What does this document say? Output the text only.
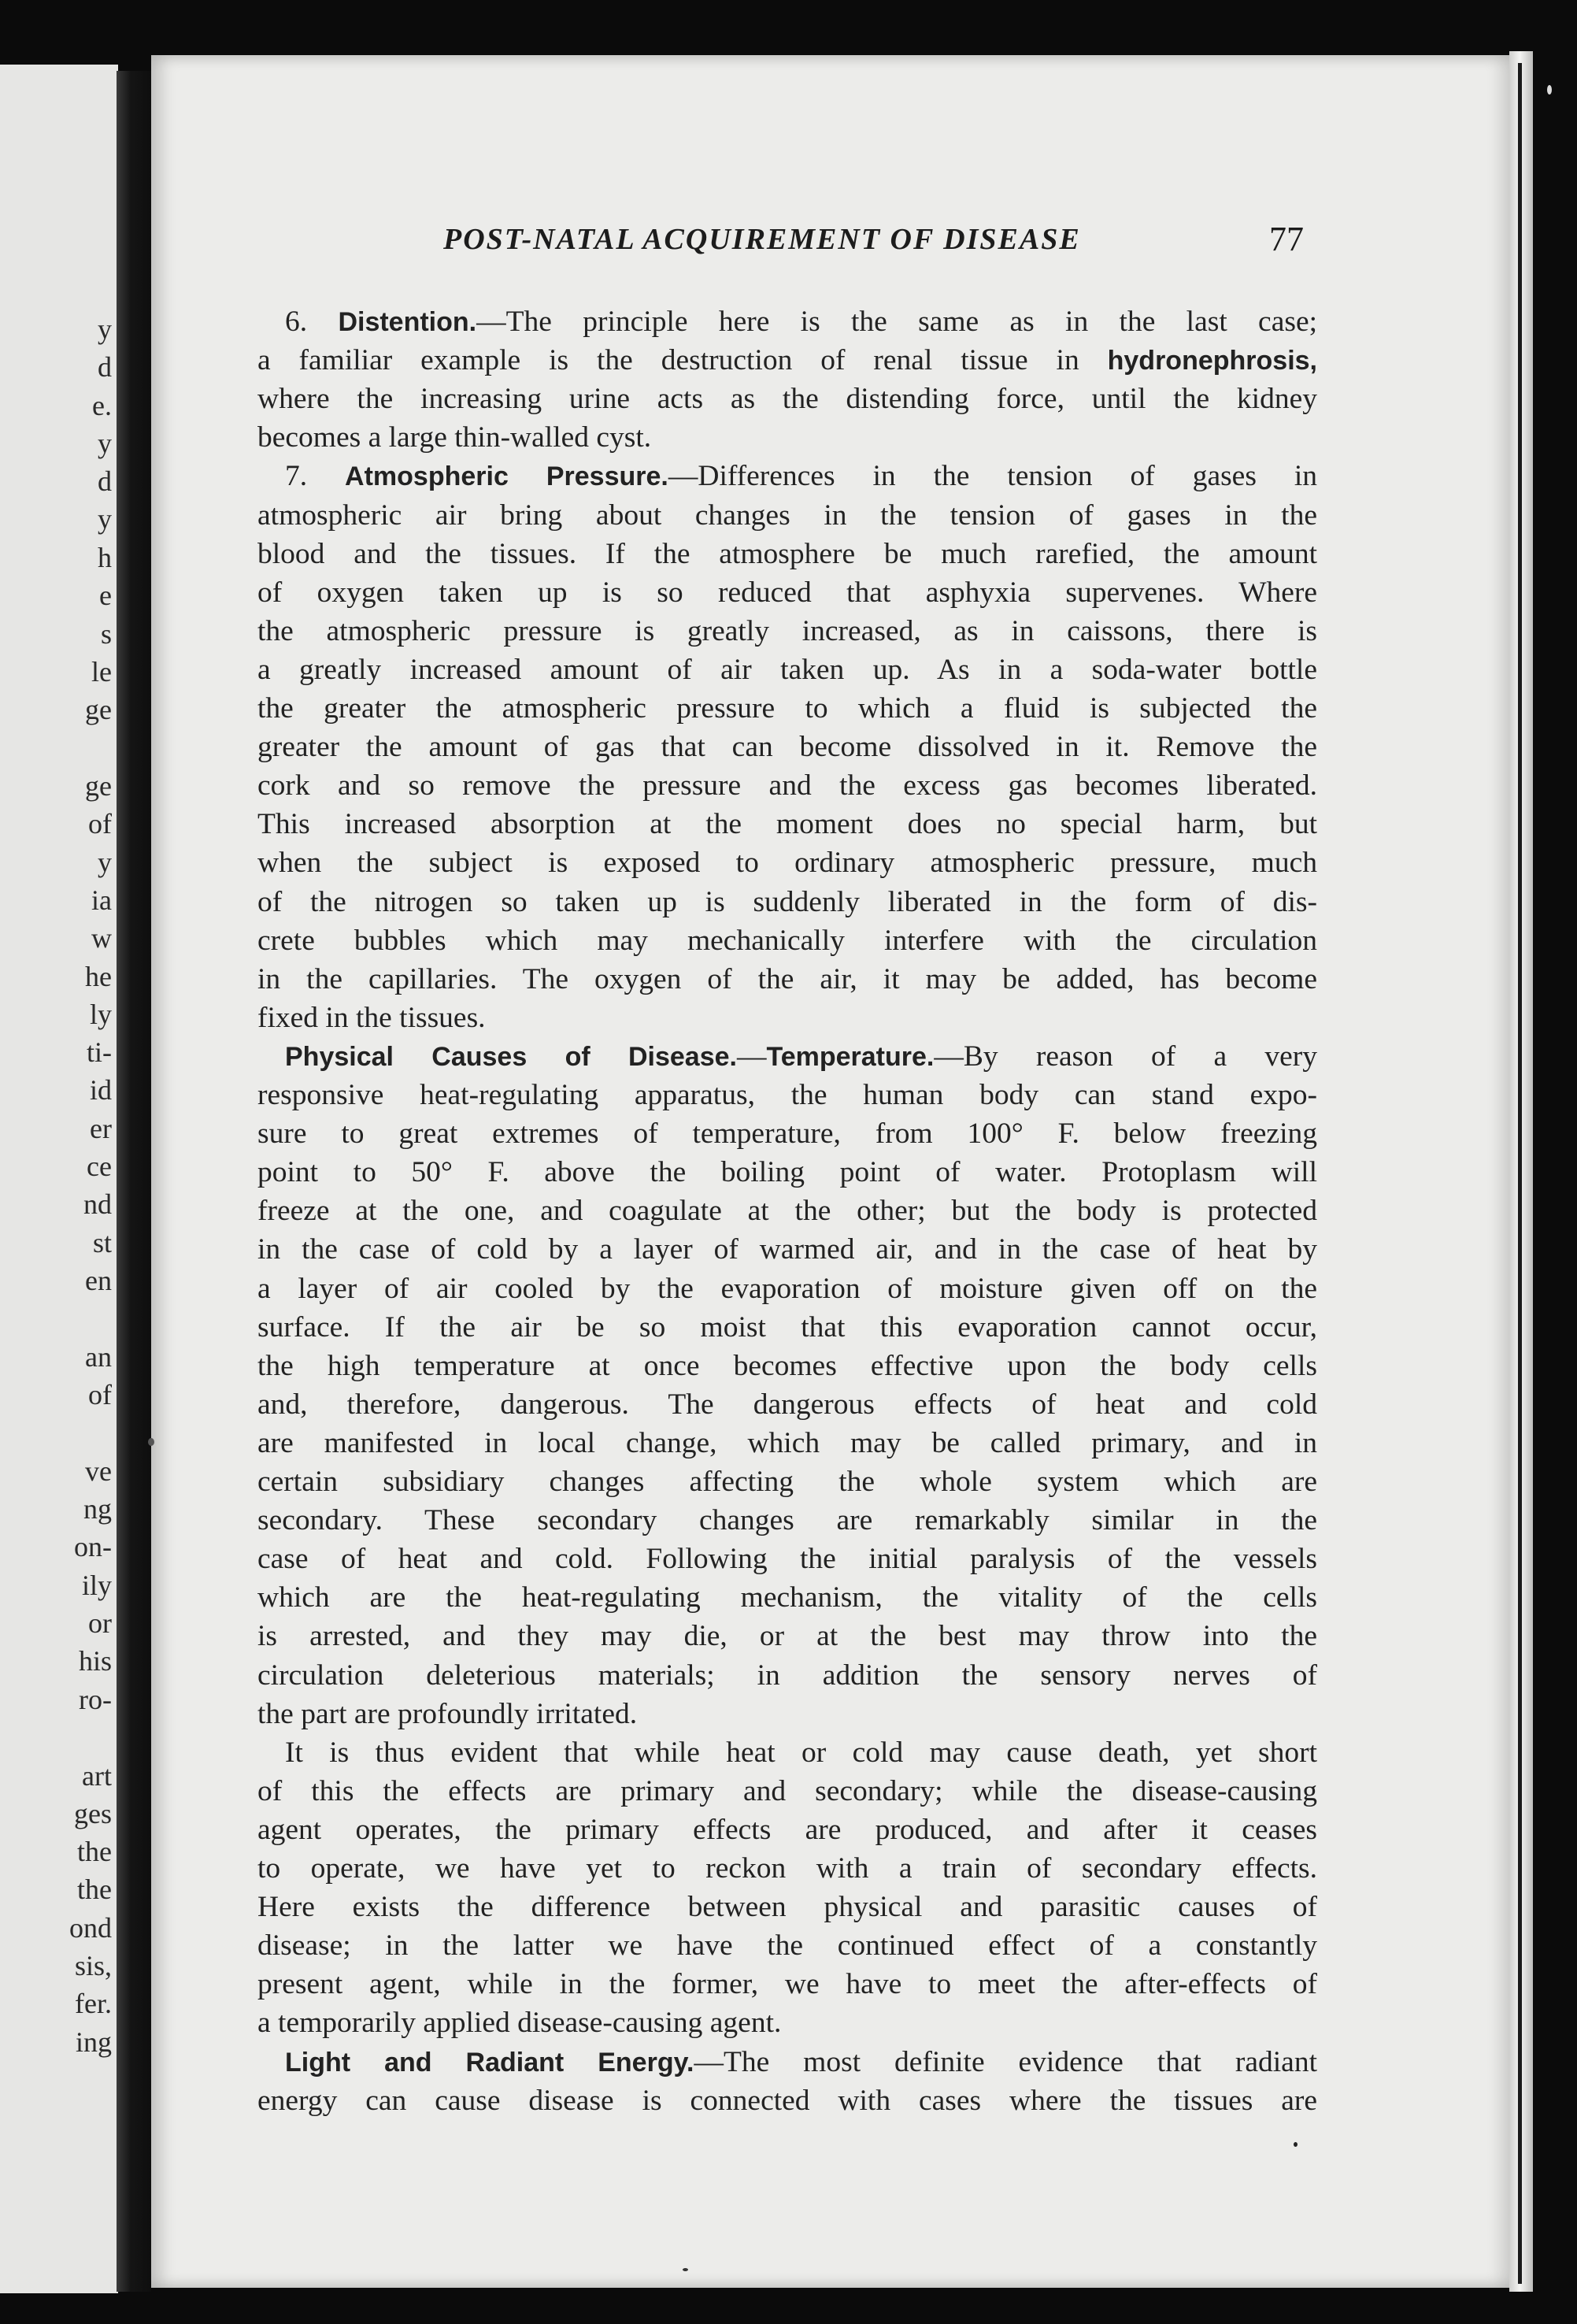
y
d
e.
y
d
y
h
e
s
le
ge
ge
of
y
ia
w
he
ly
ti-
id
er
ce
nd
st
en
an
of
ve
ng
on-
ily
or
his
ro-
art
ges
the
the
ond
sis,
fer.
ing
POST-NATAL ACQUIREMENT OF DISEASE	77
6. Distention.—The principle here is the same as in the last case;
a familiar example is the destruction of renal tissue in hydronephrosis,
where the increasing urine acts as the distending force, until the kidney
becomes a large thin-walled cyst.
7. Atmospheric Pressure.—Differences in the tension of gases in
atmospheric air bring about changes in the tension of gases in the
blood and the tissues. If the atmosphere be much rarefied, the amount
of oxygen taken up is so reduced that asphyxia supervenes. Where
the atmospheric pressure is greatly increased, as in caissons, there is
a greatly increased amount of air taken up. As in a soda-water bottle
the greater the atmospheric pressure to which a fluid is subjected the
greater the amount of gas that can become dissolved in it. Remove the
cork and so remove the pressure and the excess gas becomes liberated.
This increased absorption at the moment does no special harm, but
when the subject is exposed to ordinary atmospheric pressure, much
of the nitrogen so taken up is suddenly liberated in the form of dis-
crete bubbles which may mechanically interfere with the circulation
in the capillaries. The oxygen of the air, it may be added, has become
fixed in the tissues.
Physical Causes of Disease.—Temperature.—By reason of a very
responsive heat-regulating apparatus, the human body can stand expo-
sure to great extremes of temperature, from 100° F. below freezing
point to 50° F. above the boiling point of water. Protoplasm will
freeze at the one, and coagulate at the other; but the body is protected
in the case of cold by a layer of warmed air, and in the case of heat by
a layer of air cooled by the evaporation of moisture given off on the
surface. If the air be so moist that this evaporation cannot occur,
the high temperature at once becomes effective upon the body cells
and, therefore, dangerous. The dangerous effects of heat and cold
are manifested in local change, which may be called primary, and in
certain subsidiary changes affecting the whole system which are
secondary. These secondary changes are remarkably similar in the
case of heat and cold. Following the initial paralysis of the vessels
which are the heat-regulating mechanism, the vitality of the cells
is arrested, and they may die, or at the best may throw into the
circulation deleterious materials; in addition the sensory nerves of
the part are profoundly irritated.
It is thus evident that while heat or cold may cause death, yet short
of this the effects are primary and secondary; while the disease-causing
agent operates, the primary effects are produced, and after it ceases
to operate, we have yet to reckon with a train of secondary effects.
Here exists the difference between physical and parasitic causes of
disease; in the latter we have the continued effect of a constantly
present agent, while in the former, we have to meet the after-effects of
a temporarily applied disease-causing agent.
Light and Radiant Energy.—The most definite evidence that radiant
energy can cause disease is connected with cases where the tissues are
